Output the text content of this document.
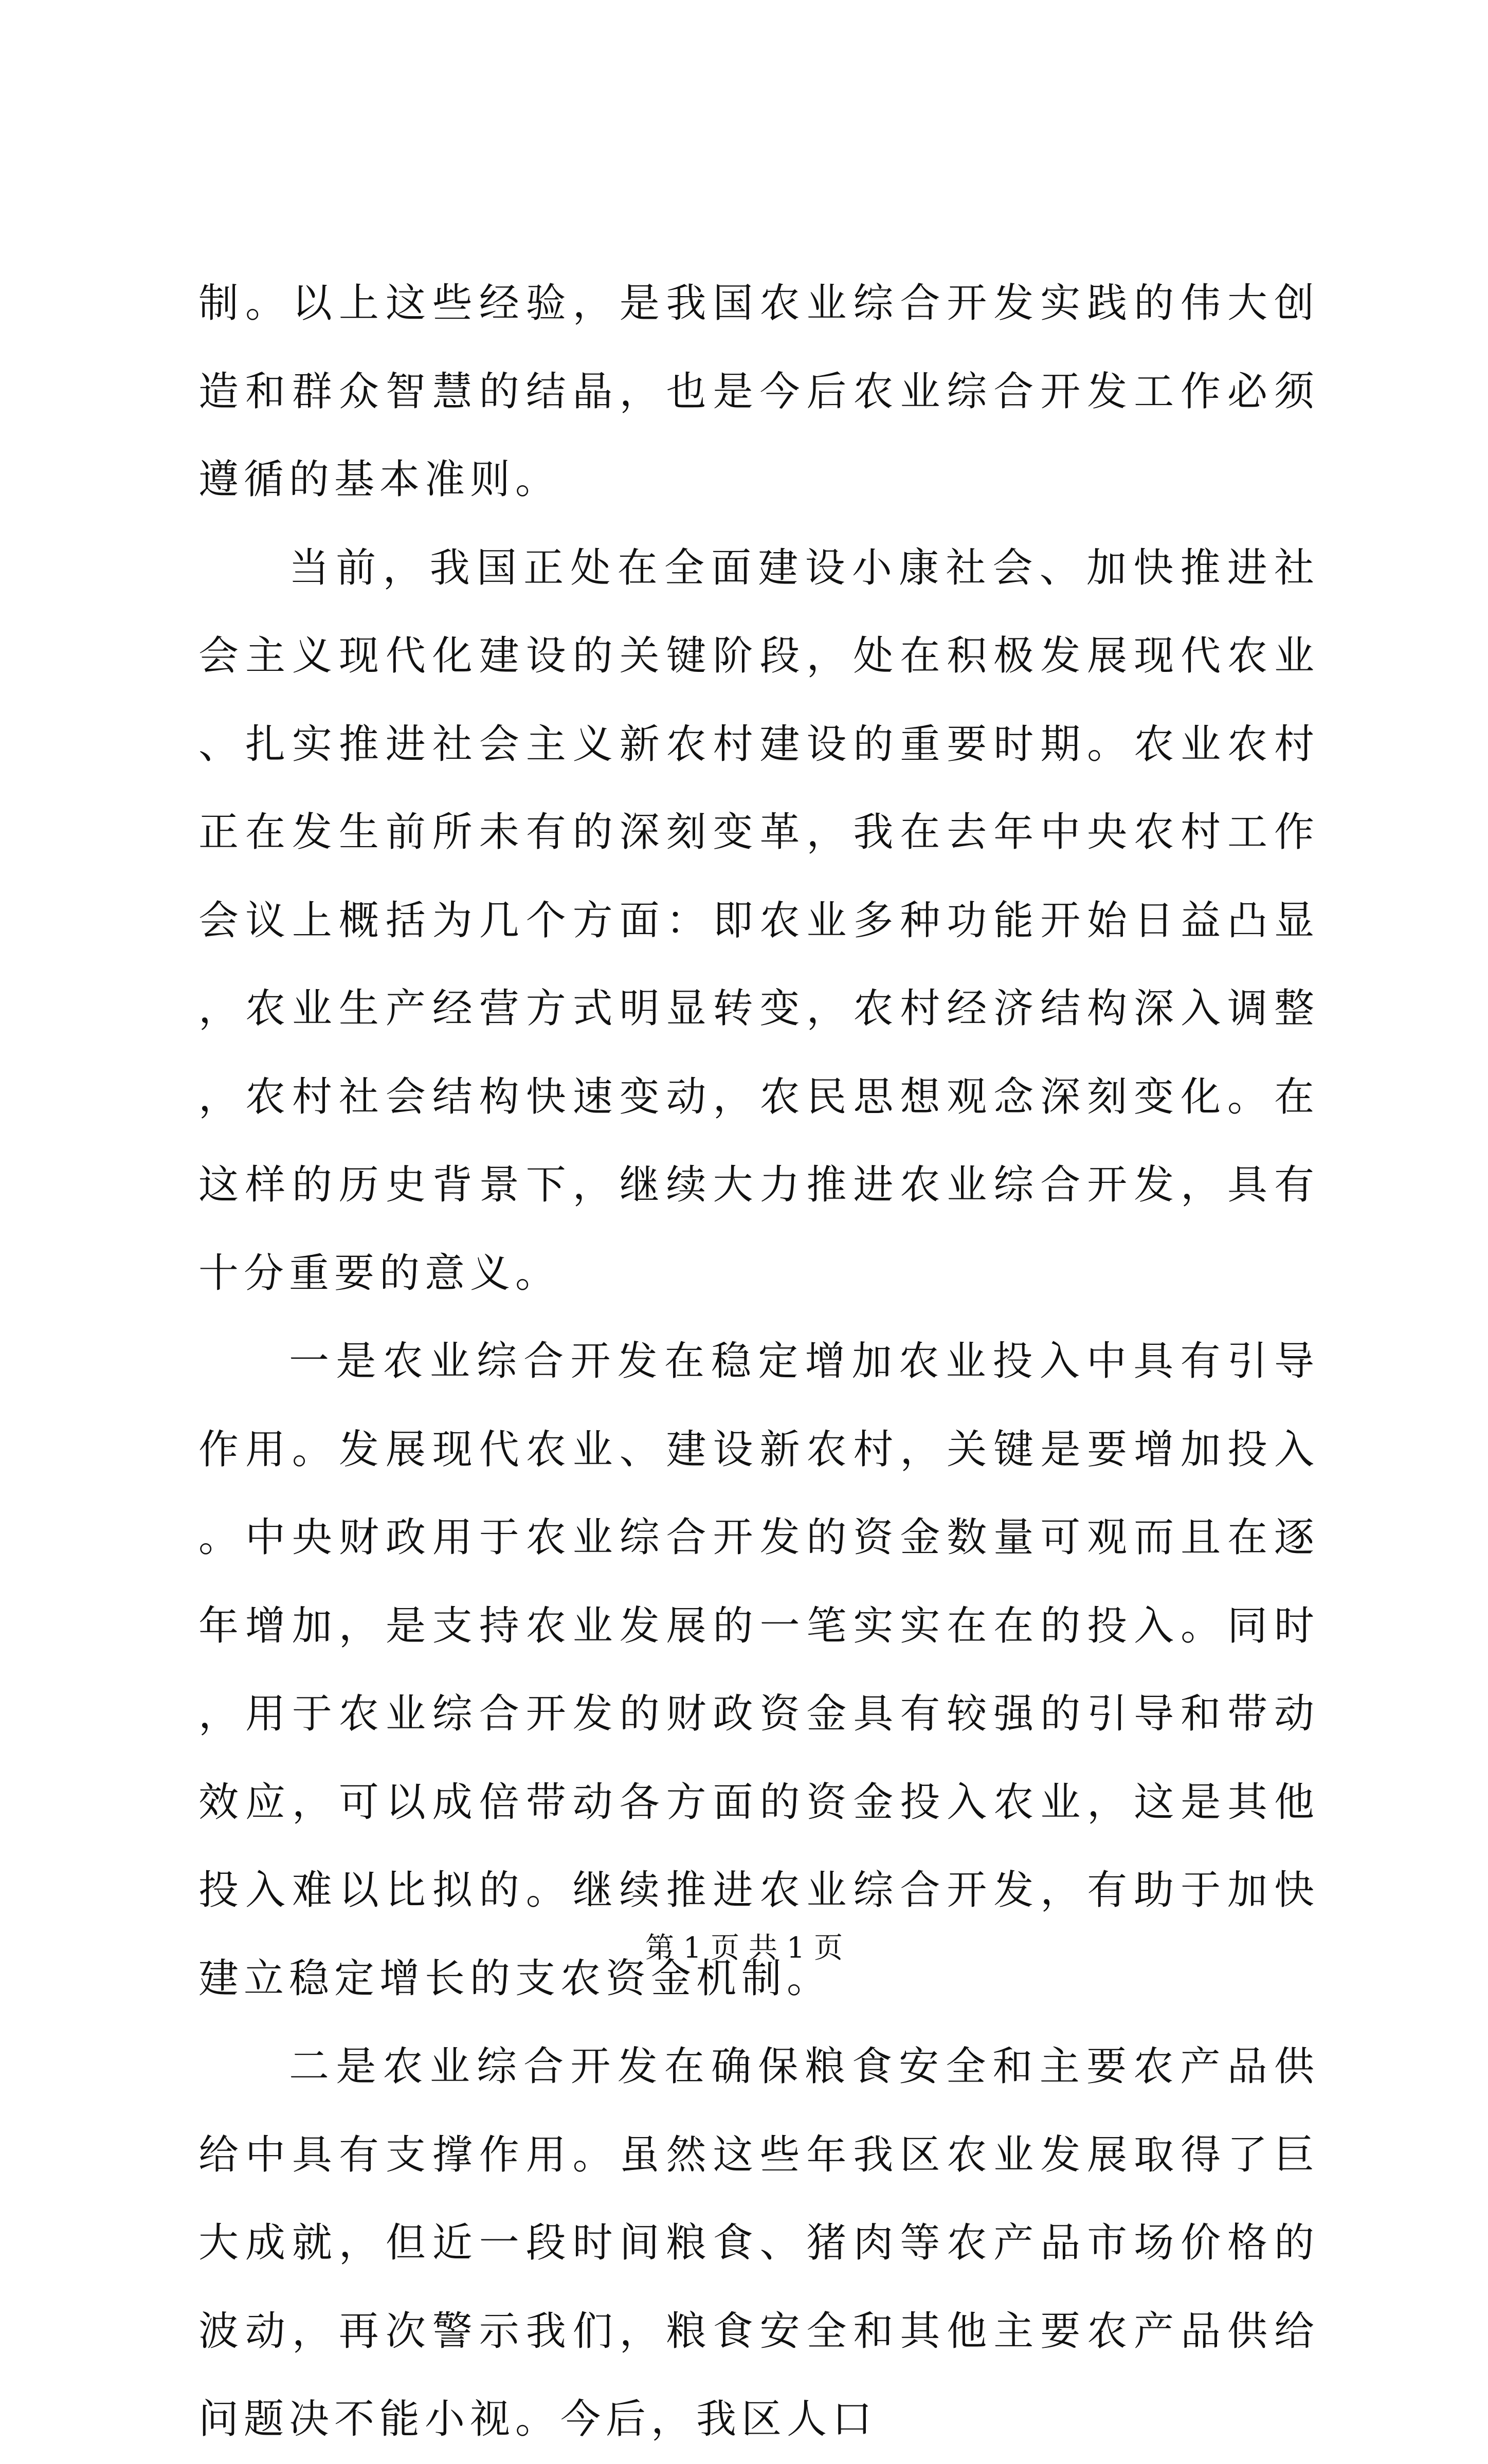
制。以上这些经验，是我国农业综合开发实践的伟大创造和群众智慧的结晶，也是今后农业综合开发工作必须遵循的基本准则。

当前，我国正处在全面建设小康社会、加快推进社会主义现代化建设的关键阶段，处在积极发展现代农业、扎实推进社会主义新农村建设的重要时期。农业农村正在发生前所未有的深刻变革，我在去年中央农村工作会议上概括为几个方面：即农业多种功能开始日益凸显，农业生产经营方式明显转变，农村经济结构深入调整，农村社会结构快速变动，农民思想观念深刻变化。在这样的历史背景下，继续大力推进农业综合开发，具有十分重要的意义。

一是农业综合开发在稳定增加农业投入中具有引导作用。发展现代农业、建设新农村，关键是要增加投入。中央财政用于农业综合开发的资金数量可观而且在逐年增加，是支持农业发展的一笔实实在在的投入。同时，用于农业综合开发的财政资金具有较强的引导和带动效应，可以成倍带动各方面的资金投入农业，这是其他投入难以比拟的。继续推进农业综合开发，有助于加快建立稳定增长的支农资金机制。

二是农业综合开发在确保粮食安全和主要农产品供给中具有支撑作用。虽然这些年我区农业发展取得了巨大成就，但近一段时间粮食、猪肉等农产品市场价格的波动，再次警示我们，粮食安全和其他主要农产品供给问题决不能小视。今后，我区人口

第 1 页 共 1 页
